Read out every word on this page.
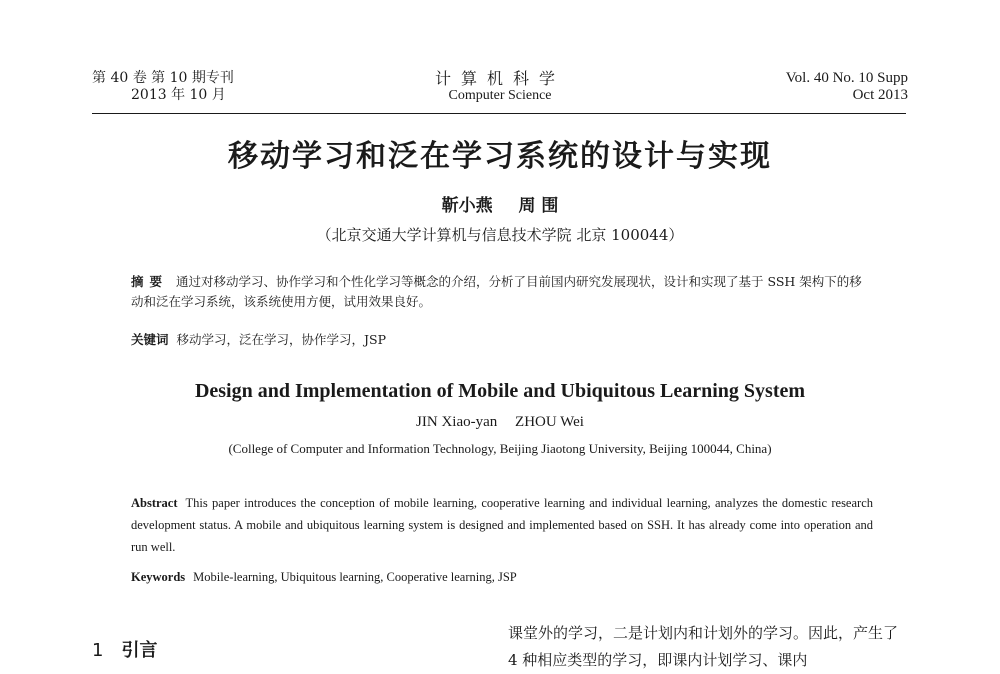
第 40 卷 第 10 期专刊
2013 年 10 月
计算机科学
Computer Science
Vol. 40 No. 10 Supp
Oct 2013
移动学习和泛在学习系统的设计与实现
靳小燕 周 围
（北京交通大学计算机与信息技术学院 北京 100044）
摘要 通过对移动学习、协作学习和个性化学习等概念的介绍，分析了目前国内研究发展现状，设计和实现了基于 SSH 架构下的移动和泛在学习系统，该系统使用方便，试用效果良好。
关键词 移动学习，泛在学习，协作学习，JSP
Design and Implementation of Mobile and Ubiquitous Learning System
JIN Xiao-yan ZHOU Wei
(College of Computer and Information Technology, Beijing Jiaotong University, Beijing 100044, China)
Abstract This paper introduces the conception of mobile learning, cooperative learning and individual learning, analyzes the domestic research development status. A mobile and ubiquitous learning system is designed and implemented based on SSH. It has already come into operation and run well.
Keywords Mobile-learning, Ubiquitous learning, Cooperative learning, JSP
1 引言
课堂外的学习，二是计划内和计划外的学习。因此，产生了 4 种相应类型的学习，即课内计划学习、课内
